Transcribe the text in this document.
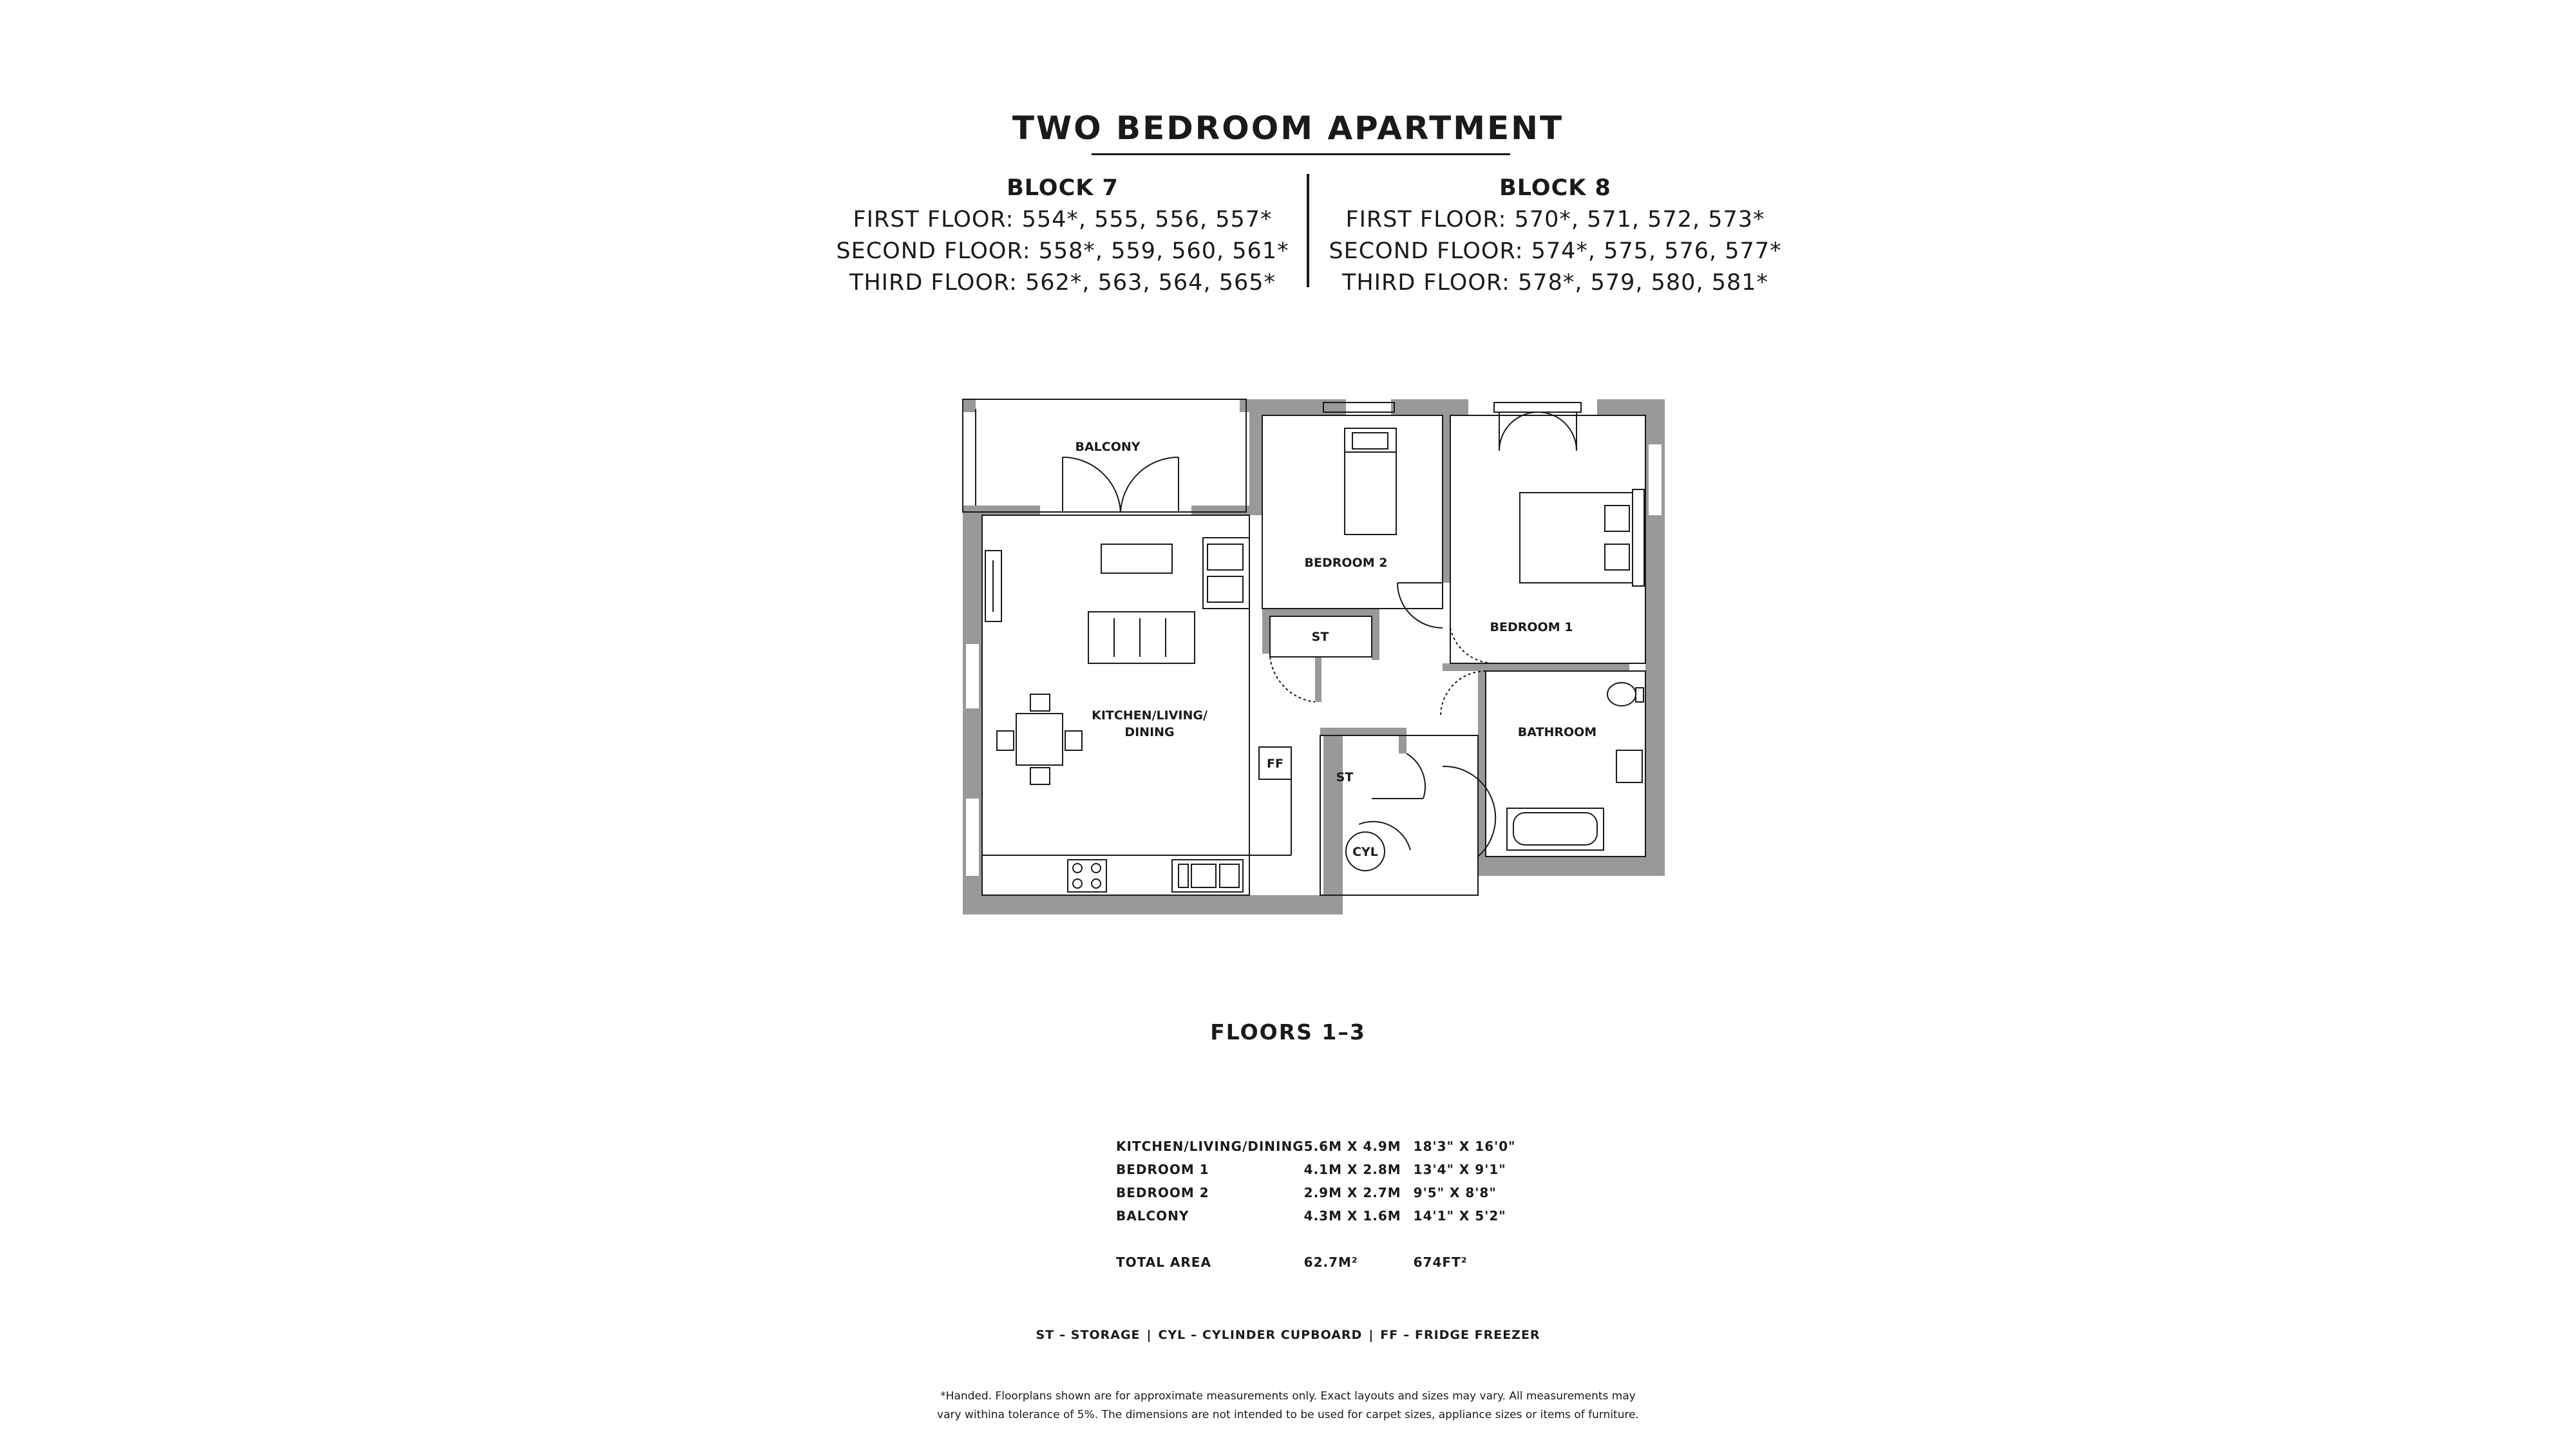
TWO BEDROOM APARTMENT
BLOCK 7
FIRST FLOOR: 554*, 555, 556, 557*
SECOND FLOOR: 558*, 559, 560, 561*
THIRD FLOOR: 562*, 563, 564, 565*
BLOCK 8
FIRST FLOOR: 570*, 571, 572, 573*
SECOND FLOOR: 574*, 575, 576, 577*
THIRD FLOOR: 578*, 579, 580, 581*
BALCONY
KITCHEN/LIVING/
DINING
BEDROOM 2
BEDROOM 1
ST
ST
BATHROOM
FF
CYL
FLOORS 1–3
KITCHEN/LIVING/DINING	5.6M X 4.9M	18'3" X 16'0"
BEDROOM 1	4.1M X 2.8M	13'4" X 9'1"
BEDROOM 2	2.9M X 2.7M	9'5" X 8'8"
BALCONY	4.3M X 1.6M	14'1" X 5'2"

TOTAL AREA	62.7M²	674FT²
ST – STORAGE | CYL – CYLINDER CUPBOARD | FF – FRIDGE FREEZER
*Handed. Floorplans shown are for approximate measurements only. Exact layouts and sizes may vary. All measurements may
vary withina tolerance of 5%. The dimensions are not intended to be used for carpet sizes, appliance sizes or items of furniture.
